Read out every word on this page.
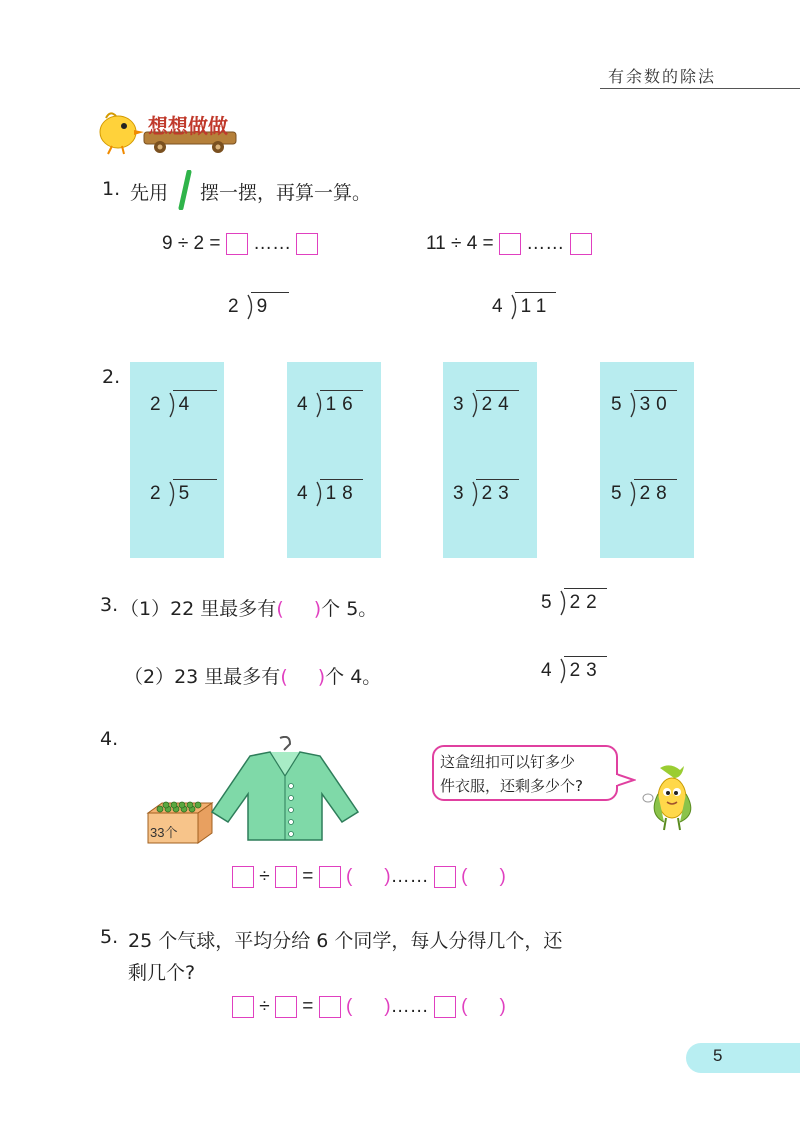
有余数的除法
想想做做
1. 先用 摆一摆，再算一算。
9 ÷ 2 = ……	11 ÷ 4 = ……
2 9	4 11
2.
2 4
2 5
4 16
4 18
3 24
3 23
5 30
5 28
3. （1）22 里最多有( )个 5。	5 22
（2）23 里最多有( )个 4。	4 23
4.
33个
这盒纽扣可以钉多少
件衣服，还剩多少个?
÷ = ( )…… ( )
5. 25 个气球，平均分给 6 个同学，每人分得几个，还
剩几个?
÷ = ( )…… ( )
5
